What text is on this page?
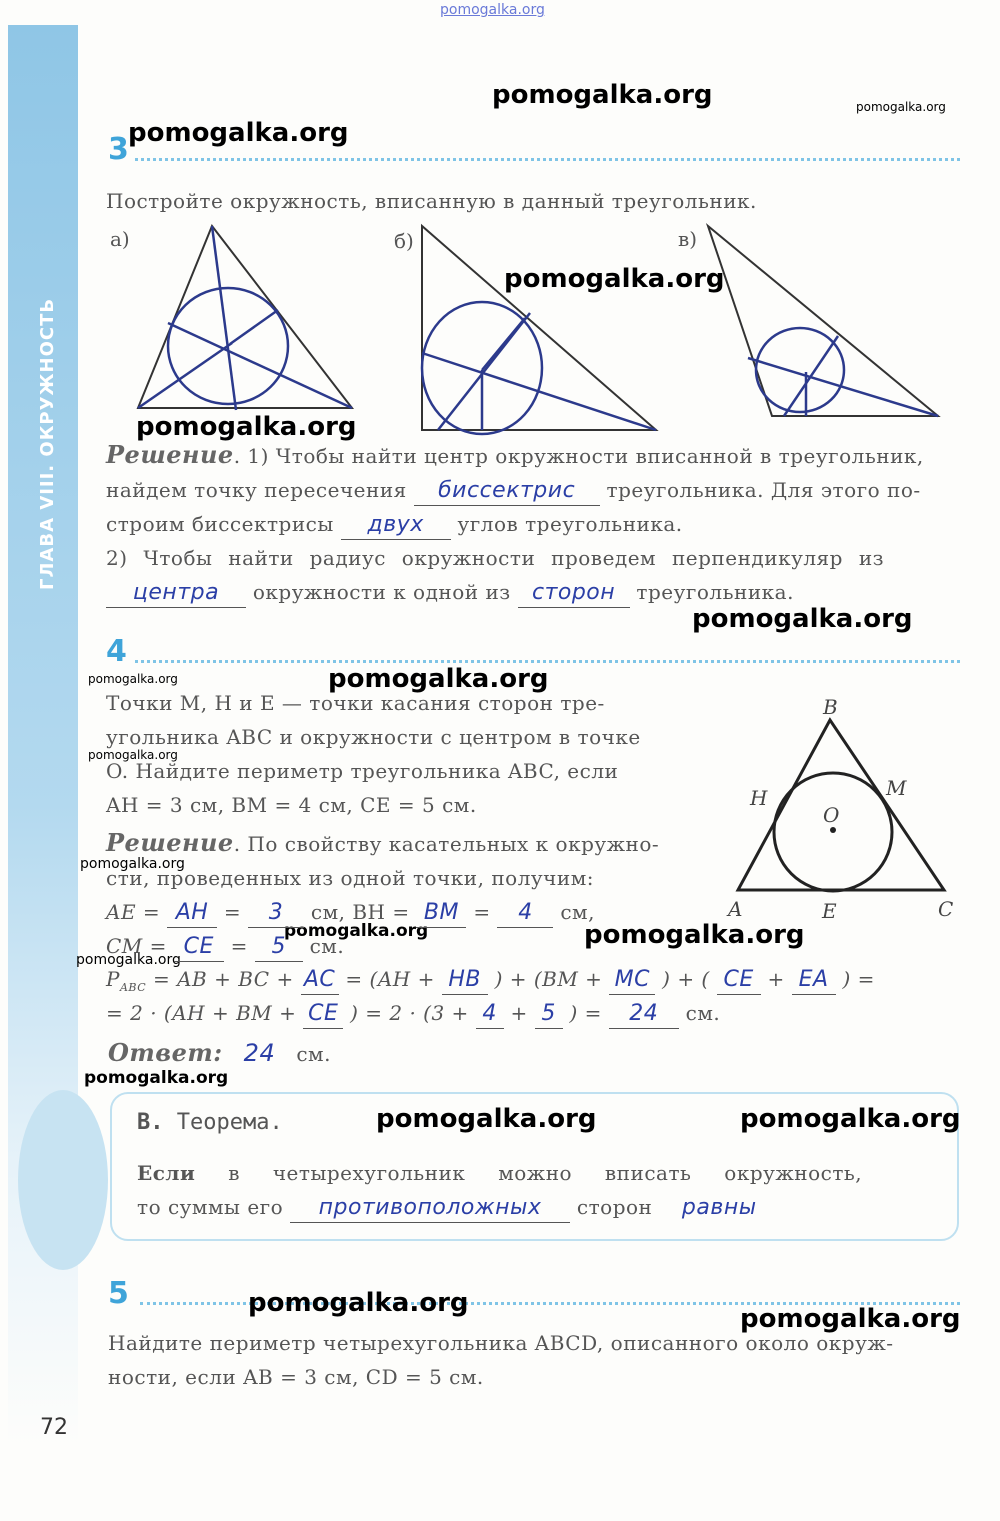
ГЛАВА VIII. ОКРУЖНОСТЬ
pomogalka.org
pomogalka.org	pomogalka.org
pomogalka.org
pomogalka.org
pomogalka.org
pomogalka.org
pomogalka.org	pomogalka.org
pomogalka.org
pomogalka.org
pomogalka.org	pomogalka.org
pomogalka.org
pomogalka.org
3
Постройте окружность, вписанную в данный треугольник.
а)	б)	в)
Решение. 1) Чтобы найти центр окружности вписанной в треугольник,
найдем точку пересечения биссектрис треугольника. Для этого по-
строим биссектрисы двух углов треугольника.
2) Чтобы найти радиус окружности проведем перпендикуляр из
центра окружности к одной из сторон треугольника.
4
Точки M, H и E — точки касания сторон тре-
угольника ABC и окружности с центром в точке
O. Найдите периметр треугольника ABC, если
AH = 3 см, BM = 4 см, CE = 5 см.
B
H	M
O
A	E	C
Решение. По свойству касательных к окружно-
сти, проведенных из одной точки, получим:
AE = AH = 3 см, BH = BM = 4 см,
CM = CE = 5 см.
$P_{ABC}$ = AB + BC + AC = (AH + HB ) + (BM + MC ) + ( CE + EA ) =
= 2 · (AH + BM + CE ) = 2 · (3 + 4 + 5 ) = 24 см.
Ответ: 24 см.
В. Теорема.
Если в четырехугольник можно вписать окружность,
то суммы его противоположных сторон равны
pomogalka.org	pomogalka.org
5	pomogalka.org
pomogalka.org
Найдите периметр четырехугольника ABCD, описанного около окруж-
ности, если AB = 3 см, CD = 5 см.
72
